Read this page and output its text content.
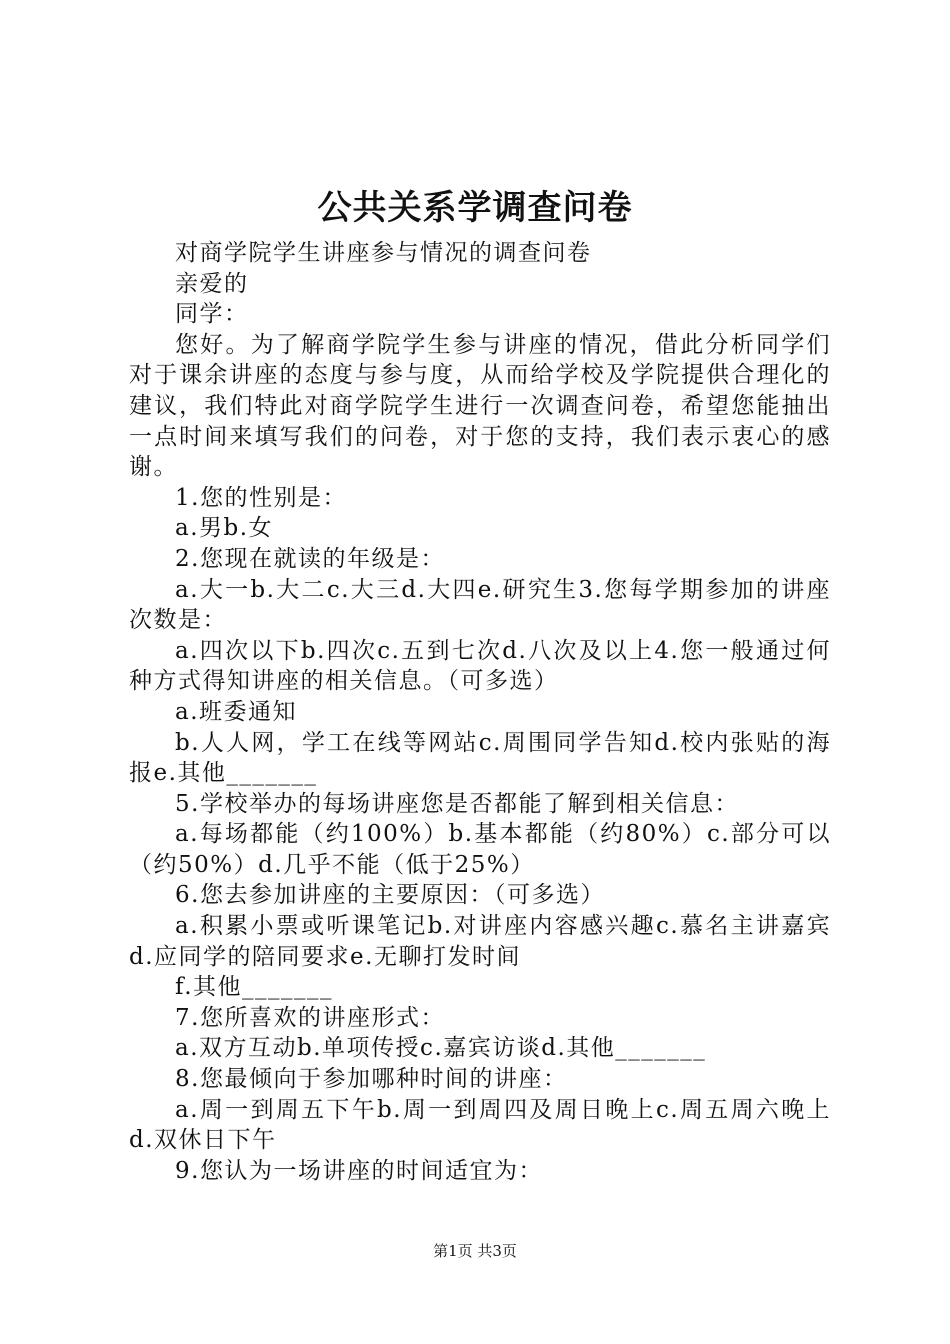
公共关系学调查问卷

对商学院学生讲座参与情况的调查问卷

亲爱的

同学：

您好。为了解商学院学生参与讲座的情况，借此分析同学们对于课余讲座的态度与参与度，从而给学校及学院提供合理化的建议，我们特此对商学院学生进行一次调查问卷，希望您能抽出一点时间来填写我们的问卷，对于您的支持，我们表示衷心的感谢。

1.您的性别是：

a.男b.女

2.您现在就读的年级是：

a.大一b.大二c.大三d.大四e.研究生3.您每学期参加的讲座次数是：

a.四次以下b.四次c.五到七次d.八次及以上4.您一般通过何种方式得知讲座的相关信息。（可多选）

a.班委通知

b.人人网，学工在线等网站c.周围同学告知d.校内张贴的海报e.其他_______

5.学校举办的每场讲座您是否都能了解到相关信息：

a.每场都能（约100%）b.基本都能（约80%）c.部分可以（约50%）d.几乎不能（低于25%）

6.您去参加讲座的主要原因：（可多选）

a.积累小票或听课笔记b.对讲座内容感兴趣c.慕名主讲嘉宾d.应同学的陪同要求e.无聊打发时间

f.其他_______

7.您所喜欢的讲座形式：

a.双方互动b.单项传授c.嘉宾访谈d.其他_______

8.您最倾向于参加哪种时间的讲座：

a.周一到周五下午b.周一到周四及周日晚上c.周五周六晚上d.双休日下午

9.您认为一场讲座的时间适宜为：

第1页 共3页
